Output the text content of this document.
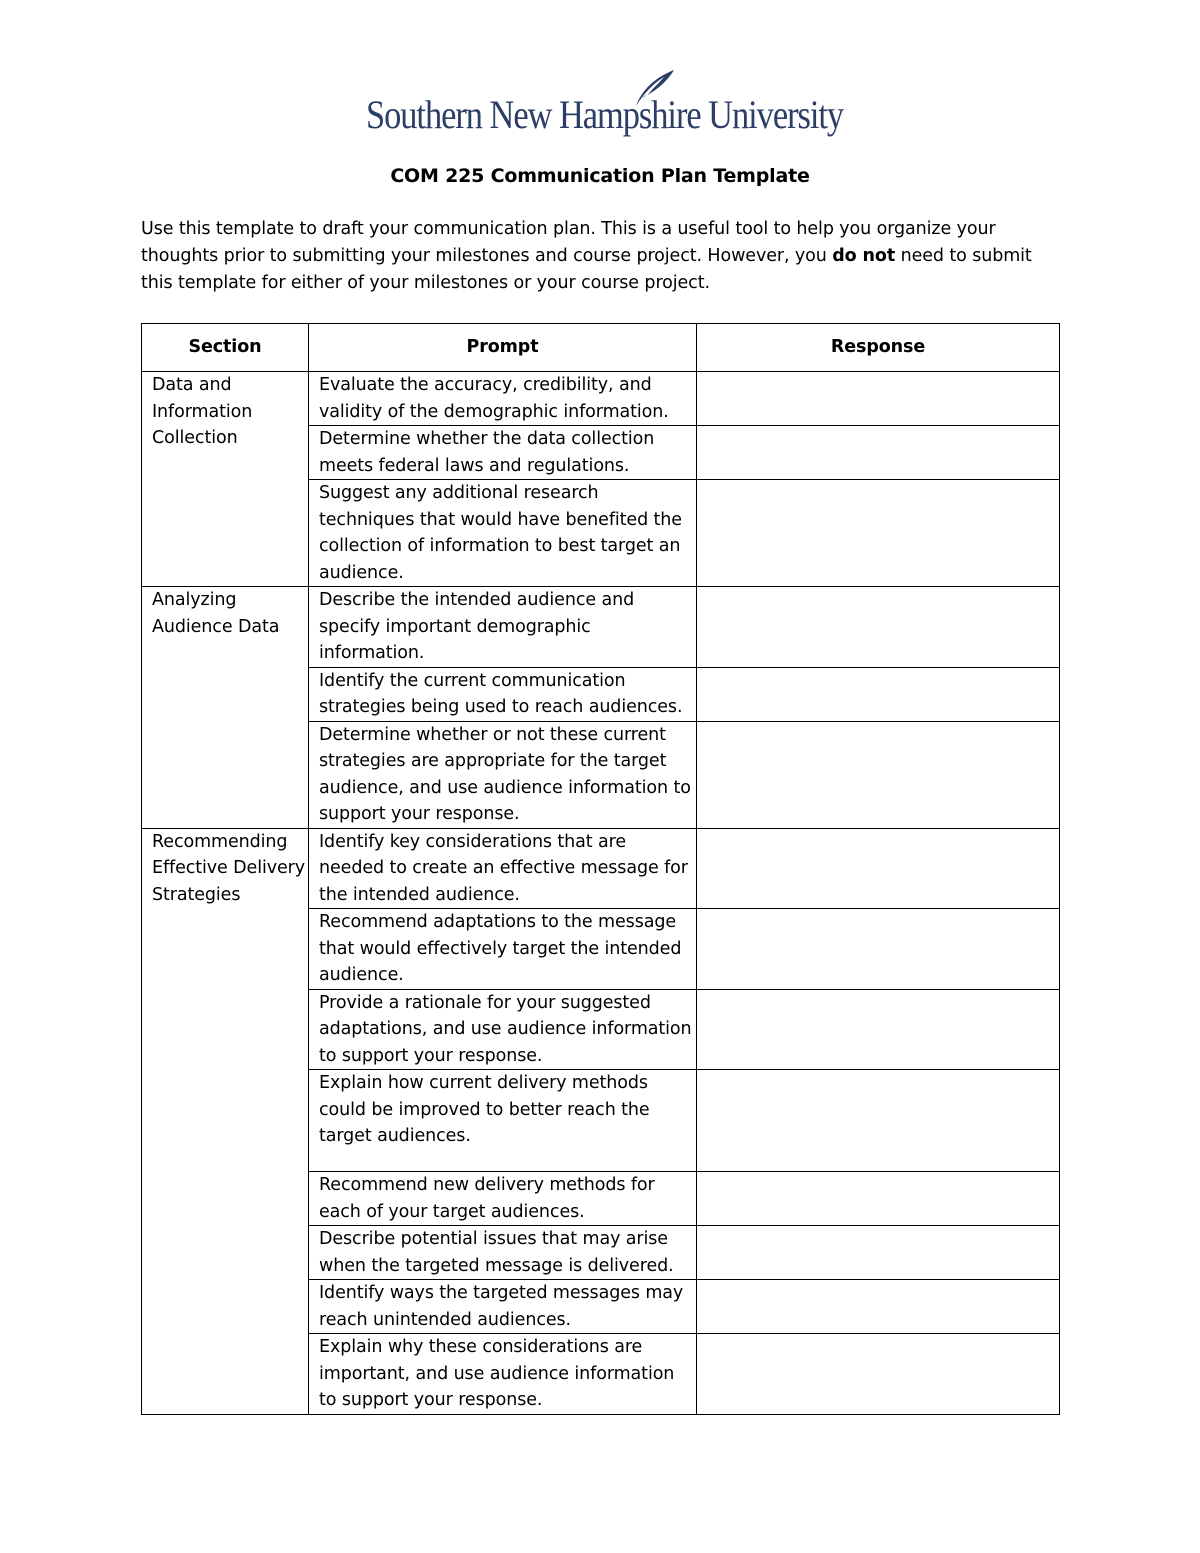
Southern New Hampshire University
COM 225 Communication Plan Template
Use this template to draft your communication plan. This is a useful tool to help you organize your thoughts prior to submitting your milestones and course project. However, you do not need to submit this template for either of your milestones or your course project.
Section	Prompt	Response
Data and Information Collection	Evaluate the accuracy, credibility, and validity of the demographic information.	
	Determine whether the data collection meets federal laws and regulations.	
	Suggest any additional research techniques that would have benefited the collection of information to best target an audience.	
Analyzing Audience Data	Describe the intended audience and specify important demographic information.	
	Identify the current communication strategies being used to reach audiences.	
	Determine whether or not these current strategies are appropriate for the target audience, and use audience information to support your response.	
Recommending Effective Delivery Strategies	Identify key considerations that are needed to create an effective message for the intended audience.	
	Recommend adaptations to the message that would effectively target the intended audience.	
	Provide a rationale for your suggested adaptations, and use audience information to support your response.	
	Explain how current delivery methods could be improved to better reach the target audiences.	
	Recommend new delivery methods for each of your target audiences.	
	Describe potential issues that may arise when the targeted message is delivered.	
	Identify ways the targeted messages may reach unintended audiences.	
	Explain why these considerations are important, and use audience information to support your response.	
